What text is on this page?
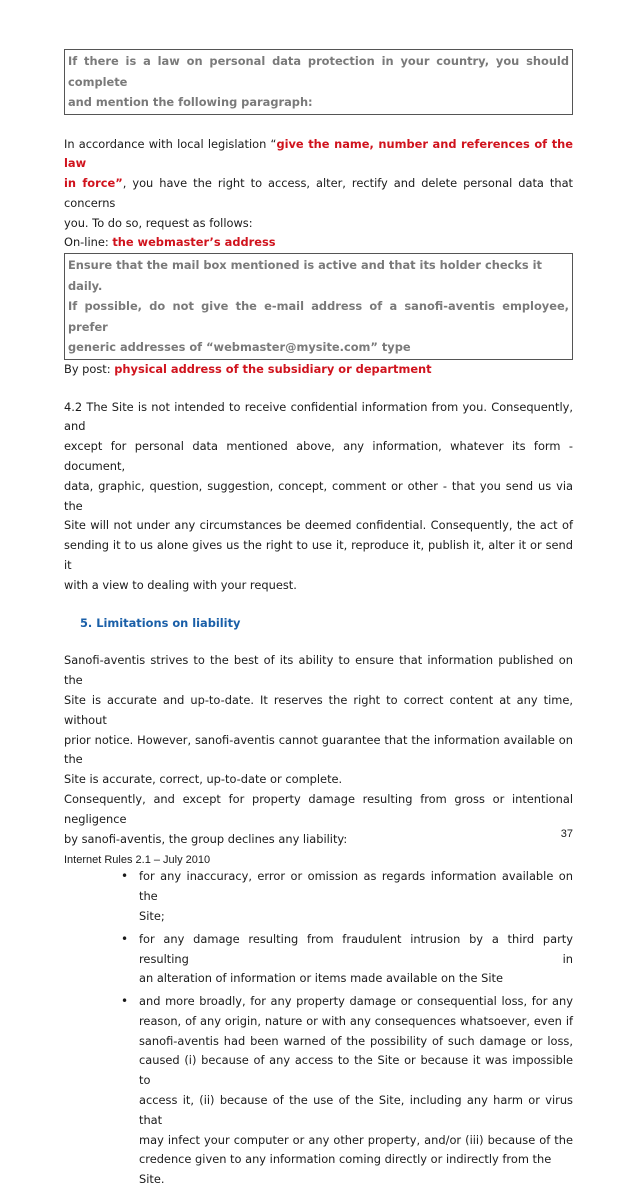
If there is a law on personal data protection in your country, you should complete
and mention the following paragraph:
In accordance with local legislation “give the name, number and references of the law
in force”, you have the right to access, alter, rectify and delete personal data that concerns
you. To do so, request as follows:
On-line: the webmaster’s address
Ensure that the mail box mentioned is active and that its holder checks it daily.
If possible, do not give the e-mail address of a sanofi-aventis employee, prefer
generic addresses of “webmaster@mysite.com” type
By post: physical address of the subsidiary or department
4.2 The Site is not intended to receive confidential information from you. Consequently, and
except for personal data mentioned above, any information, whatever its form - document,
data, graphic, question, suggestion, concept, comment or other - that you send us via the
Site will not under any circumstances be deemed confidential. Consequently, the act of
sending it to us alone gives us the right to use it, reproduce it, publish it, alter it or send it
with a view to dealing with your request.
5. Limitations on liability
Sanofi-aventis strives to the best of its ability to ensure that information published on the
Site is accurate and up-to-date. It reserves the right to correct content at any time, without
prior notice. However, sanofi-aventis cannot guarantee that the information available on the
Site is accurate, correct, up-to-date or complete.
Consequently, and except for property damage resulting from gross or intentional negligence
by sanofi-aventis, the group declines any liability:
• for any inaccuracy, error or omission as regards information available on the
Site;
• for any damage resulting from fraudulent intrusion by a third party resulting in
an alteration of information or items made available on the Site
• and more broadly, for any property damage or consequential loss, for any
reason, of any origin, nature or with any consequences whatsoever, even if
sanofi-aventis had been warned of the possibility of such damage or loss,
caused (i) because of any access to the Site or because it was impossible to
access it, (ii) because of the use of the Site, including any harm or virus that
may infect your computer or any other property, and/or (iii) because of the
credence given to any information coming directly or indirectly from the Site.
37
Internet Rules 2.1 – July 2010
